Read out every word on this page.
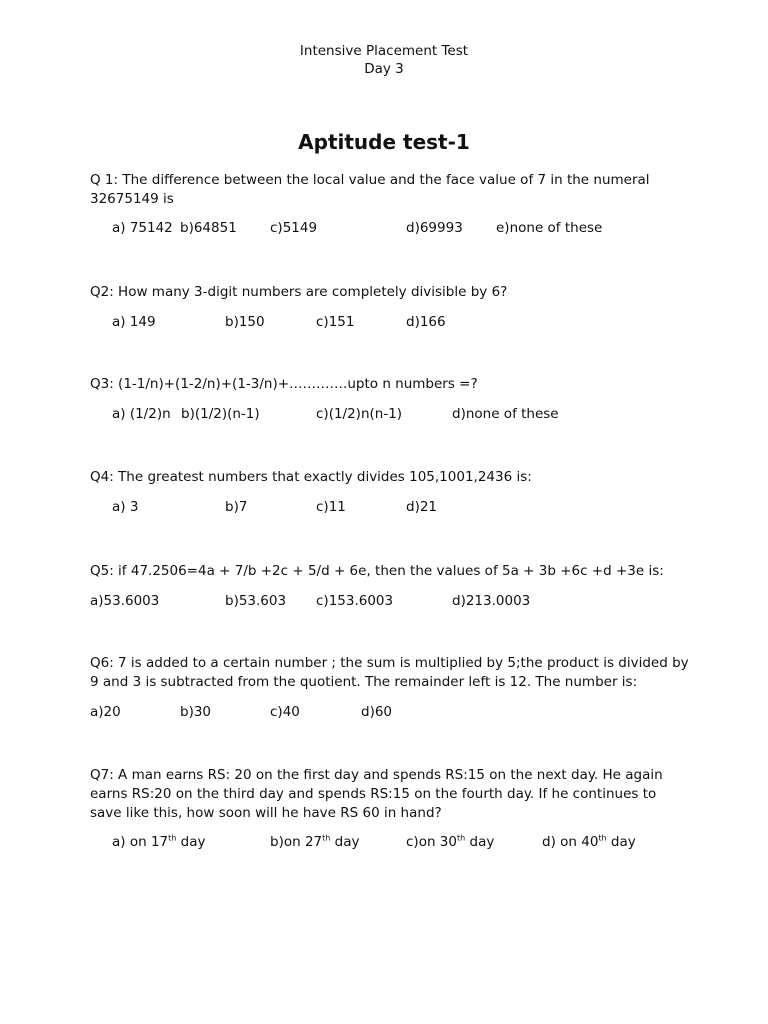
Intensive Placement Test
Day 3
Aptitude test-1
Q 1: The difference between the local value and the face value of 7 in the numeral 32675149 is
a) 75142 b)64851 c)5149	d)69993 e)none of these
Q2: How many 3-digit numbers are completely divisible by 6?
a) 149	b)150	c)151	d)166
Q3: (1-1/n)+(1-2/n)+(1-3/n)+………….upto n numbers =?
a) (1/2)n b)(1/2)(n-1)	c)(1/2)n(n-1)	d)none of these
Q4: The greatest numbers that exactly divides 105,1001,2436 is:
a) 3	b)7	c)11	d)21
Q5: if 47.2506=4a + 7/b +2c + 5/d + 6e, then the values of 5a + 3b +6c +d +3e is:
a)53.6003	b)53.603 c)153.6003	d)213.0003
Q6: 7 is added to a certain number ; the sum is multiplied by 5;the product is divided by 9 and 3 is subtracted from the quotient. The remainder left is 12. The number is:
a)20	b)30	c)40	d)60
Q7: A man earns RS: 20 on the first day and spends RS:15 on the next day. He again earns RS:20 on the third day and spends RS:15 on the fourth day. If he continues to save like this, how soon will he have RS 60 in hand?
a) on 17th day	b)on 27th day	c)on 30th day	d) on 40th day
